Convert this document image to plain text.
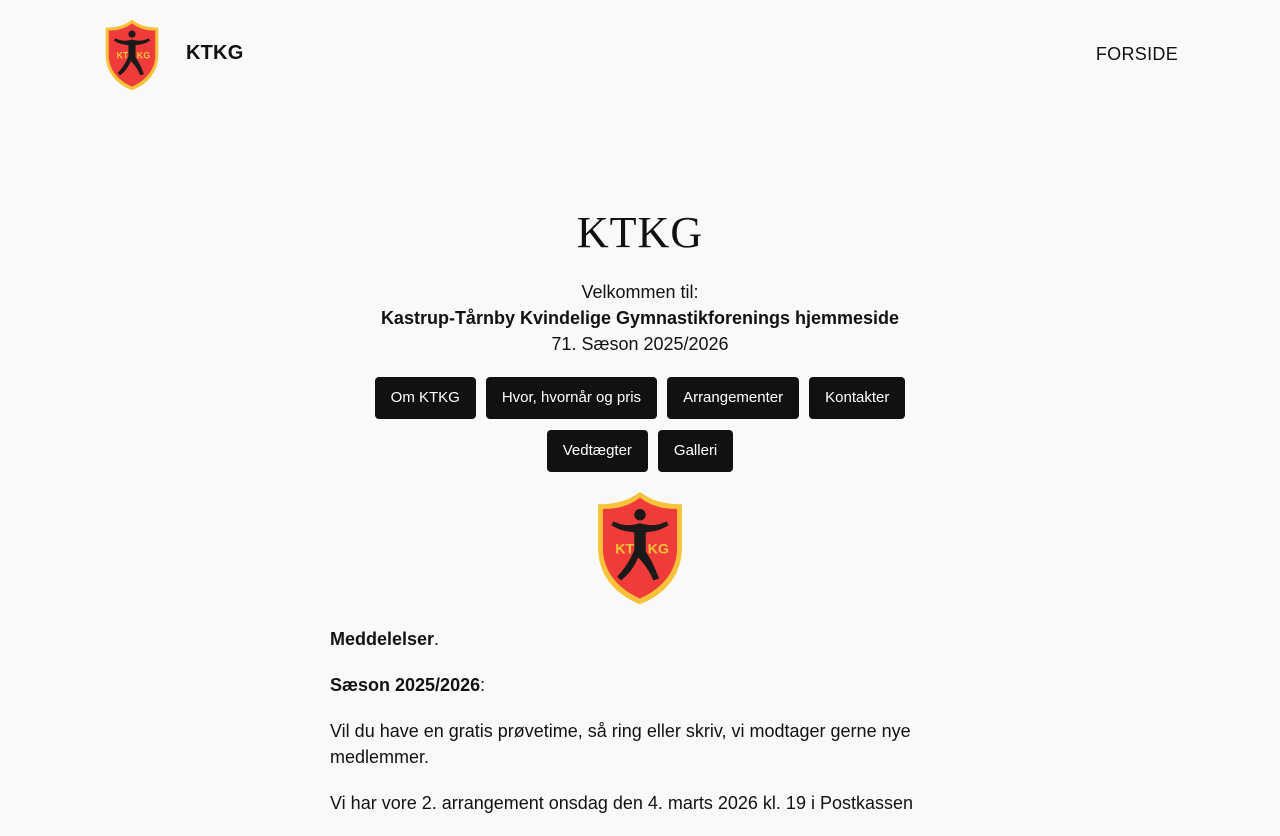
KT KG KTKG	FORSIDE
KTKG
Velkommen til:
Kastrup-Tårnby Kvindelige Gymnastikforenings hjemmeside
71. Sæson 2025/2026
Om KTKG	Hvor, hvornår og pris	Arrangementer	Kontakter
Vedtægter	Galleri
KT KG

Meddelelser.

Sæson 2025/2026:

Vil du have en gratis prøvetime, så ring eller skriv, vi modtager gerne nye medlemmer.

Vi har vore 2. arrangement onsdag den 4. marts 2026 kl. 19 i Postkassen
